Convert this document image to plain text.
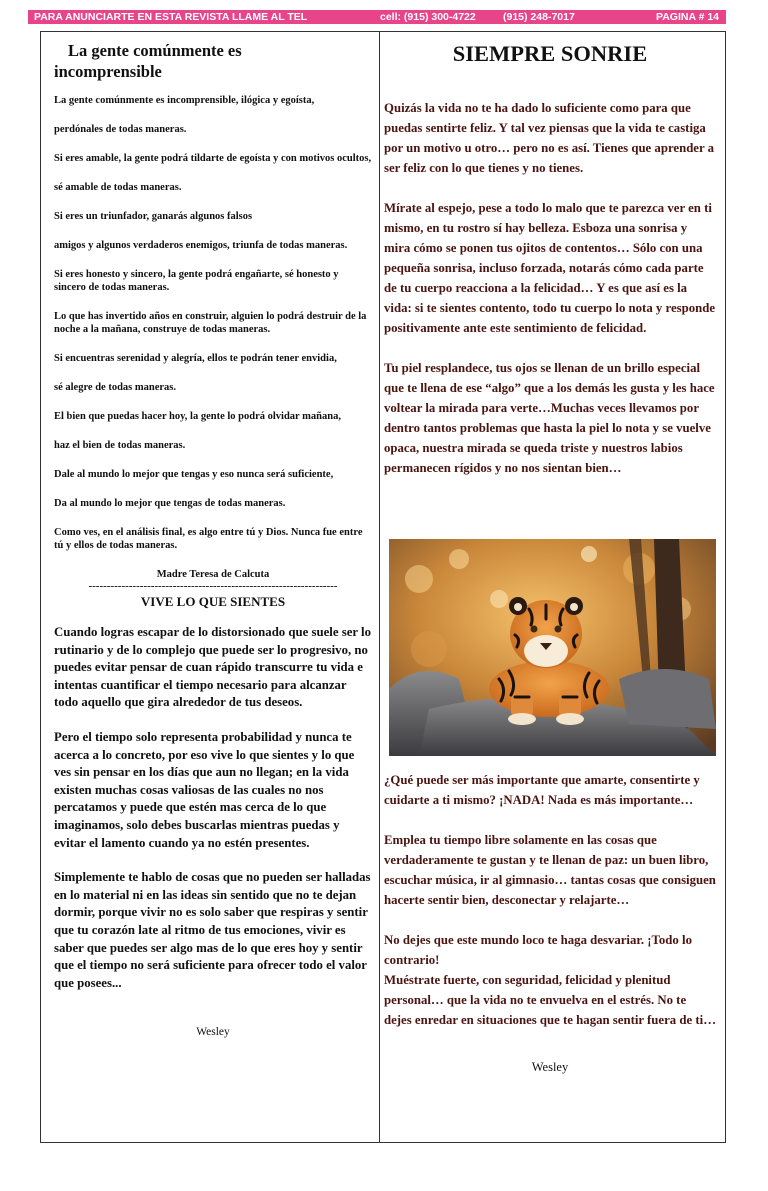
PARA ANUNCIARTE EN ESTA REVISTA LLAME AL TEL	cell: (915) 300-4722	(915) 248-7017	PAGINA # 14
La gente comúnmente es
incomprensible

La gente comúnmente es incomprensible, ilógica y egoísta,

perdónales de todas maneras.

Si eres amable, la gente podrá tildarte de egoísta y con motivos ocultos,

sé amable de todas maneras.

Si eres un triunfador, ganarás algunos falsos

amigos y algunos verdaderos enemigos, triunfa de todas maneras.

Si eres honesto y sincero, la gente podrá engañarte, sé honesto y sincero de todas maneras.

Lo que has invertido años en construir, alguien lo podrá destruir de la noche a la mañana, construye de todas maneras.

Si encuentras serenidad y alegría, ellos te podrán tener envidia,

sé alegre de todas maneras.

El bien que puedas hacer hoy, la gente lo podrá olvidar mañana,

haz el bien de todas maneras.

Dale al mundo lo mejor que tengas y eso nunca será suficiente,

Da al mundo lo mejor que tengas de todas maneras.

Como ves, en el análisis final, es algo entre tú y Dios. Nunca fue entre tú y ellos de todas maneras.

Madre Teresa de Calcuta

--------------------------------------------------------------------

VIVE LO QUE SIENTES

Cuando logras escapar de lo distorsionado que suele ser lo rutinario y de lo complejo que puede ser lo progresivo, no puedes evitar pensar de cuan rápido transcurre tu vida e intentas cuantificar el tiempo necesario para alcanzar todo aquello que gira alrededor de tus deseos.

Pero el tiempo solo representa probabilidad y nunca te acerca a lo concreto, por eso vive lo que sientes y lo que ves sin pensar en los días que aun no llegan; en la vida existen muchas cosas valiosas de las cuales no nos percatamos y puede que estén mas cerca de lo que imaginamos, solo debes buscarlas mientras puedas y evitar el lamento cuando ya no estén presentes.

Simplemente te hablo de cosas que no pueden ser halladas en lo material ni en las ideas sin sentido que no te dejan dormir, porque vivir no es solo saber que respiras y sentir que tu corazón late al ritmo de tus emociones, vivir es saber que puedes ser algo mas de lo que eres hoy y sentir que el tiempo no será suficiente para ofrecer todo el valor que posees...

Wesley

SIEMPRE SONRIE

Quizás la vida no te ha dado lo suficiente como para que puedas sentirte feliz. Y tal vez piensas que la vida te castiga por un motivo u otro… pero no es así. Tienes que aprender a ser feliz con lo que tienes y no tienes.

Mírate al espejo, pese a todo lo malo que te parezca ver en ti mismo, en tu rostro sí hay belleza. Esboza una sonrisa y mira cómo se ponen tus ojitos de contentos… Sólo con una pequeña sonrisa, incluso forzada, notarás cómo cada parte de tu cuerpo reacciona a la felicidad… Y es que así es la vida: si te sientes contento, todo tu cuerpo lo nota y responde positivamente ante este sentimiento de felicidad.

Tu piel resplandece, tus ojos se llenan de un brillo especial que te llena de ese “algo” que a los demás les gusta y les hace voltear la mirada para verte…Muchas veces llevamos por dentro tantos problemas que hasta la piel lo nota y se vuelve opaca, nuestra mirada se queda triste y nuestros labios permanecen rígidos y no nos sientan bien…

¿Qué puede ser más importante que amarte, consentirte y cuidarte a ti mismo? ¡NADA! Nada es más importante…

Emplea tu tiempo libre solamente en las cosas que verdaderamente te gustan y te llenan de paz: un buen libro, escuchar música, ir al gimnasio… tantas cosas que consiguen hacerte sentir bien, desconectar y relajarte…

No dejes que este mundo loco te haga desvariar. ¡Todo lo contrario!

Muéstrate fuerte, con seguridad, felicidad y plenitud personal… que la vida no te envuelva en el estrés. No te dejes enredar en situaciones que te hagan sentir fuera de ti…

Wesley
